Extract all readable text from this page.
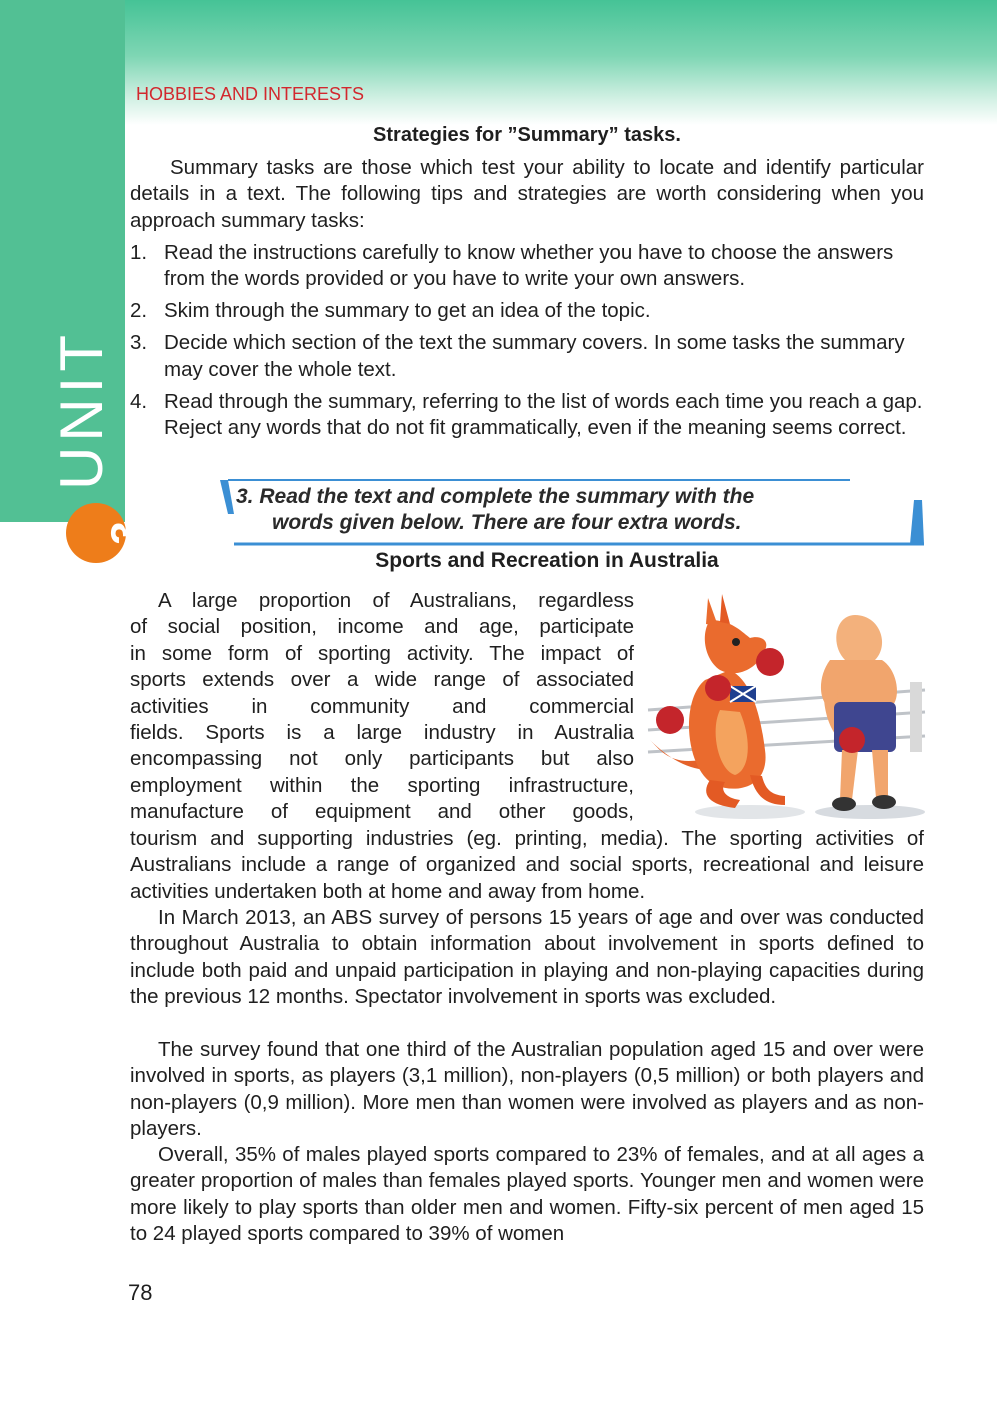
UNIT
3
HOBBIES AND INTERESTS
Strategies for ”Summary” tasks.
Summary tasks are those which test your ability to locate and identify particular details in a text. The following tips and strategies are worth considering when you approach summary tasks:
1. Read the instructions carefully to know whether you have to choose the answers from the words provided or you have to write your own answers.
2. Skim through the summary to get an idea of the topic.
3. Decide which section of the text the summary covers. In some tasks the summary may cover the whole text.
4. Read through the summary, referring to the list of words each time you reach a gap. Reject any words that do not fit grammatically, even if the meaning seems correct.
3. Read the text and complete the summary with the
words given below. There are four extra words.
Sports and Recreation in Australia
A large proportion of Australians, regardless
of social position, income and age, participate
in some form of sporting activity. The impact of
sports extends over a wide range of associated
activities in community and commercial
fields. Sports is a large industry in Australia
encompassing not only participants but also
employment within the sporting infrastructure,
manufacture of equipment and other goods,
tourism and supporting industries (eg. printing, media). The sporting activities of Australians include a range of organized and social sports, recreational and leisure activities undertaken both at home and away from home.
In March 2013, an ABS survey of persons 15 years of age and over was conducted throughout Australia to obtain information about involvement in sports defined to include both paid and unpaid participation in playing and non-playing capacities during the previous 12 months. Spectator involvement in sports was excluded.
The survey found that one third of the Australian population aged 15 and over were involved in sports, as players (3,1 million), non-players (0,5 million) or both players and non-players (0,9 million). More men than women were involved as players and as non-players.
Overall, 35% of males played sports compared to 23% of females, and at all ages a greater proportion of males than females played sports. Younger men and women were more likely to play sports than older men and women. Fifty-six percent of men aged 15 to 24 played sports compared to 39% of women
78
